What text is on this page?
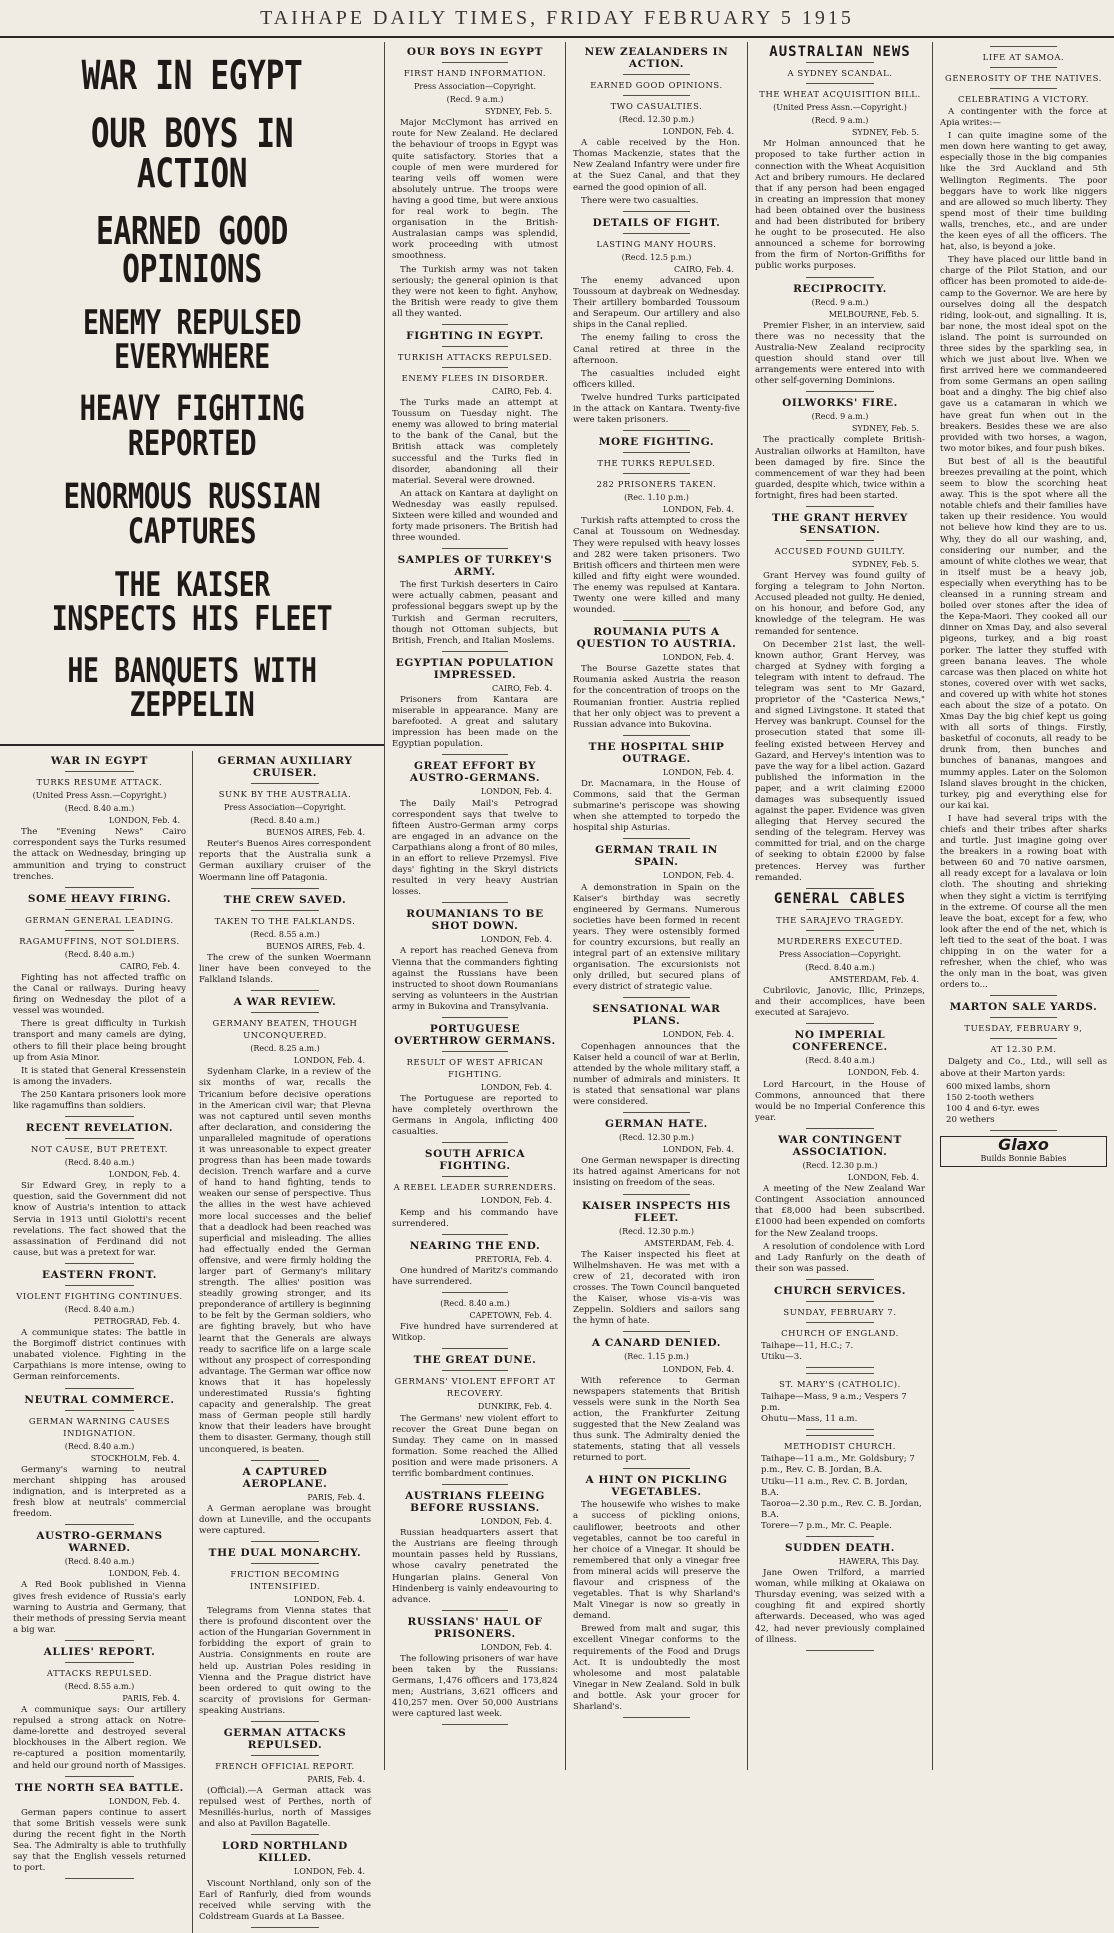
TAIHAPE DAILY TIMES, FRIDAY FEBRUARY 5 1915
WAR IN EGYPT
OUR BOYS IN ACTION
EARNED GOOD OPINIONS
ENEMY REPULSED EVERYWHERE
HEAVY FIGHTING REPORTED
ENORMOUS RUSSIAN CAPTURES
THE KAISER INSPECTS HIS FLEET
HE BANQUETS WITH ZEPPELIN
WAR IN EGYPT
TURKS RESUME ATTACK.
(United Press Assn.—Copyright.)
(Recd. 8.40 a.m.)
LONDON, Feb. 4.

The "Evening News" Cairo correspondent says the Turks resumed the attack on Wednesday, bringing up ammunition and trying to construct trenches.

SOME HEAVY FIRING.
GERMAN GENERAL LEADING.
RAGAMUFFINS, NOT SOLDIERS.
(Recd. 8.40 a.m.)
CAIRO, Feb. 4.

Fighting has not affected traffic on the Canal or railways. During heavy firing on Wednesday the pilot of a vessel was wounded.

There is great difficulty in Turkish transport and many camels are dying, others to fill their place being brought up from Asia Minor.

It is stated that General Kressenstein is among the invaders.

The 250 Kantara prisoners look more like ragamuffins than soldiers.

RECENT REVELATION.
NOT CAUSE, BUT PRETEXT.
(Recd. 8.40 a.m.)
LONDON, Feb. 4.

Sir Edward Grey, in reply to a question, said the Government did not know of Austria's intention to attack Servia in 1913 until Giolotti's recent revelations. The fact showed that the assassination of Ferdinand did not cause, but was a pretext for war.

EASTERN FRONT.
VIOLENT FIGHTING CONTINUES.
(Recd. 8.40 a.m.)
PETROGRAD, Feb. 4.

A communique states: The battle in the Borgimoff district continues with unabated violence. Fighting in the Carpathians is more intense, owing to German reinforcements.

NEUTRAL COMMERCE.
GERMAN WARNING CAUSES INDIGNATION.
(Recd. 8.40 a.m.)
STOCKHOLM, Feb. 4.

Germany's warning to neutral merchant shipping has aroused indignation, and is interpreted as a fresh blow at neutrals' commercial freedom.

AUSTRO-GERMANS WARNED.
(Recd. 8.40 a.m.)
LONDON, Feb. 4.

A Red Book published in Vienna gives fresh evidence of Russia's early warning to Austria and Germany, that their methods of pressing Servia meant a big war.

ALLIES' REPORT.
ATTACKS REPULSED.
(Recd. 8.55 a.m.)
PARIS, Feb. 4.

A communique says: Our artillery repulsed a strong attack on Notre-dame-lorette and destroyed several blockhouses in the Albert region. We re-captured a position momentarily, and held our ground north of Massiges.

THE NORTH SEA BATTLE.
LONDON, Feb. 4.

German papers continue to assert that some British vessels were sunk during the recent fight in the North Sea. The Admiralty is able to truthfully say that the English vessels returned to port.

GERMAN AUXILIARY CRUISER.
SUNK BY THE AUSTRALIA.
Press Association—Copyright.
(Recd. 8.40 a.m.)
BUENOS AIRES, Feb. 4.

Reuter's Buenos Aires correspondent reports that the Australia sunk a German auxiliary cruiser of the Woermann line off Patagonia.

THE CREW SAVED.
TAKEN TO THE FALKLANDS.
(Recd. 8.55 a.m.)
BUENOS AIRES, Feb. 4.

The crew of the sunken Woermann liner have been conveyed to the Falkland Islands.

A WAR REVIEW.
GERMANY BEATEN, THOUGH UNCONQUERED.
(Recd. 8.25 a.m.)
LONDON, Feb. 4.

Sydenham Clarke, in a review of the six months of war, recalls the Tricanium before decisive operations in the American civil war; that Plevna was not captured until seven months after declaration, and considering the unparalleled magnitude of operations it was unreasonable to expect greater progress than has been made towards decision. Trench warfare and a curve of hand to hand fighting, tends to weaken our sense of perspective. Thus the allies in the west have achieved more local successes and the belief that a deadlock had been reached was superficial and misleading. The allies had effectually ended the German offensive, and were firmly holding the larger part of Germany's military strength. The allies' position was steadily growing stronger, and its preponderance of artillery is beginning to be felt by the German soldiers, who are fighting bravely, but who have learnt that the Generals are always ready to sacrifice life on a large scale without any prospect of corresponding advantage. The German war office now knows that it has hopelessly underestimated Russia's fighting capacity and generalship. The great mass of German people still hardly know that their leaders have brought them to disaster. Germany, though still unconquered, is beaten.

A CAPTURED AEROPLANE.
PARIS, Feb. 4.

A German aeroplane was brought down at Luneville, and the occupants were captured.

THE DUAL MONARCHY.
FRICTION BECOMING INTENSIFIED.
LONDON, Feb. 4.

Telegrams from Vienna states that there is profound discontent over the action of the Hungarian Government in forbidding the export of grain to Austria. Consignments en route are held up. Austrian Poles residing in Vienna and the Prague district have been ordered to quit owing to the scarcity of provisions for German-speaking Austrians.

GERMAN ATTACKS REPULSED.
FRENCH OFFICIAL REPORT.
PARIS, Feb. 4.

(Official).—A German attack was repulsed west of Perthes, north of Mesnillés-hurlus, north of Massiges and also at Pavillon Bagatelle.

LORD NORTHLAND KILLED.
LONDON, Feb. 4.

Viscount Northland, only son of the Earl of Ranfurly, died from wounds received while serving with the Coldstream Guards at La Bassee.

OUR BOYS IN EGYPT
FIRST HAND INFORMATION.
Press Association—Copyright.
(Recd. 9 a.m.)
SYDNEY, Feb. 5.

Major McClymont has arrived en route for New Zealand. He declared the behaviour of troops in Egypt was quite satisfactory. Stories that a couple of men were murdered for tearing veils off women were absolutely untrue. The troops were having a good time, but were anxious for real work to begin. The organisation in the British-Australasian camps was splendid, work proceeding with utmost smoothness.

The Turkish army was not taken seriously; the general opinion is that they were not keen to fight. Anyhow, the British were ready to give them all they wanted.

FIGHTING IN EGYPT.
TURKISH ATTACKS REPULSED.
ENEMY FLEES IN DISORDER.
CAIRO, Feb. 4.

The Turks made an attempt at Toussum on Tuesday night. The enemy was allowed to bring material to the bank of the Canal, but the British attack was completely successful and the Turks fled in disorder, abandoning all their material. Several were drowned.

An attack on Kantara at daylight on Wednesday was easily repulsed. Sixteen were killed and wounded and forty made prisoners. The British had three wounded.

SAMPLES OF TURKEY'S ARMY.

The first Turkish deserters in Cairo were actually cabmen, peasant and professional beggars swept up by the Turkish and German recruiters, though not Ottoman subjects, but British, French, and Italian Moslems.

EGYPTIAN POPULATION IMPRESSED.
CAIRO, Feb. 4.

Prisoners from Kantara are miserable in appearance. Many are barefooted. A great and salutary impression has been made on the Egyptian population.

GREAT EFFORT BY AUSTRO-GERMANS.
LONDON, Feb. 4.

The Daily Mail's Petrograd correspondent says that twelve to fifteen Austro-German army corps are engaged in an advance on the Carpathians along a front of 80 miles, in an effort to relieve Przemysl. Five days' fighting in the Skryl districts resulted in very heavy Austrian losses.

ROUMANIANS TO BE SHOT DOWN.
LONDON, Feb. 4.

A report has reached Geneva from Vienna that the commanders fighting against the Russians have been instructed to shoot down Roumanians serving as volunteers in the Austrian army in Bukovina and Transylvania.

PORTUGUESE OVERTHROW GERMANS.
RESULT OF WEST AFRICAN FIGHTING.
LONDON, Feb. 4.

The Portuguese are reported to have completely overthrown the Germans in Angola, inflicting 400 casualties.

SOUTH AFRICA FIGHTING.
A REBEL LEADER SURRENDERS.
LONDON, Feb. 4.

Kemp and his commando have surrendered.

NEARING THE END.
PRETORIA, Feb. 4.

One hundred of Maritz's commando have surrendered.

(Recd. 8.40 a.m.)
CAPETOWN, Feb. 4.

Five hundred have surrendered at Witkop.

THE GREAT DUNE.
GERMANS' VIOLENT EFFORT AT RECOVERY.
DUNKIRK, Feb. 4.

The Germans' new violent effort to recover the Great Dune began on Sunday. They came on in massed formation. Some reached the Allied position and were made prisoners. A terrific bombardment continues.

AUSTRIANS FLEEING BEFORE RUSSIANS.
LONDON, Feb. 4.

Russian headquarters assert that the Austrians are fleeing through mountain passes held by Russians, whose cavalry penetrated the Hungarian plains. General Von Hindenberg is vainly endeavouring to advance.

RUSSIANS' HAUL OF PRISONERS.
LONDON, Feb. 4.

The following prisoners of war have been taken by the Russians: Germans, 1,476 officers and 173,824 men; Austrians, 3,621 officers and 410,257 men. Over 50,000 Austrians were captured last week.

NEW ZEALANDERS IN ACTION.
EARNED GOOD OPINIONS.
TWO CASUALTIES.
(Recd. 12.30 p.m.)
LONDON, Feb. 4.

A cable received by the Hon. Thomas Mackenzie, states that the New Zealand Infantry were under fire at the Suez Canal, and that they earned the good opinion of all.

There were two casualties.

DETAILS OF FIGHT.
LASTING MANY HOURS.
(Recd. 12.5 p.m.)
CAIRO, Feb. 4.

The enemy advanced upon Toussoum at daybreak on Wednesday. Their artillery bombarded Toussoum and Serapeum. Our artillery and also ships in the Canal replied.

The enemy failing to cross the Canal retired at three in the afternoon.

The casualties included eight officers killed.

Twelve hundred Turks participated in the attack on Kantara. Twenty-five were taken prisoners.

MORE FIGHTING.
THE TURKS REPULSED.
282 PRISONERS TAKEN.
(Rec. 1.10 p.m.)
LONDON, Feb. 4.

Turkish rafts attempted to cross the Canal at Toussoum on Wednesday. They were repulsed with heavy losses and 282 were taken prisoners. Two British officers and thirteen men were killed and fifty eight were wounded. The enemy was repulsed at Kantara. Twenty one were killed and many wounded.

ROUMANIA PUTS A QUESTION TO AUSTRIA.
LONDON, Feb. 4.

The Bourse Gazette states that Roumania asked Austria the reason for the concentration of troops on the Roumanian frontier. Austria replied that her only object was to prevent a Russian advance into Bukovina.

THE HOSPITAL SHIP OUTRAGE.
LONDON, Feb. 4.

Dr. Macnamara, in the House of Commons, said that the German submarine's periscope was showing when she attempted to torpedo the hospital ship Asturias.

GERMAN TRAIL IN SPAIN.
LONDON, Feb. 4.

A demonstration in Spain on the Kaiser's birthday was secretly engineered by Germans. Numerous societies have been formed in recent years. They were ostensibly formed for country excursions, but really an integral part of an extensive military organisation. The excursionists not only drilled, but secured plans of every district of strategic value.

SENSATIONAL WAR PLANS.
LONDON, Feb. 4.

Copenhagen announces that the Kaiser held a council of war at Berlin, attended by the whole military staff, a number of admirals and ministers. It is stated that sensational war plans were considered.

GERMAN HATE.
(Recd. 12.30 p.m.)
LONDON, Feb. 4.

One German newspaper is directing its hatred against Americans for not insisting on freedom of the seas.

KAISER INSPECTS HIS FLEET.
(Recd. 12.30 p.m.)
AMSTERDAM, Feb. 4.

The Kaiser inspected his fleet at Wilhelmshaven. He was met with a crew of 21, decorated with iron crosses. The Town Council banqueted the Kaiser, whose vis-a-vis was Zeppelin. Soldiers and sailors sang the hymn of hate.

A CANARD DENIED.
(Rec. 1.15 p.m.)
LONDON, Feb. 4.

With reference to German newspapers statements that British vessels were sunk in the North Sea action, the Frankfurter Zeitung suggested that the New Zealand was thus sunk. The Admiralty denied the statements, stating that all vessels returned to port.

A HINT ON PICKLING VEGETABLES.

The housewife who wishes to make a success of pickling onions, cauliflower, beetroots and other vegetables, cannot be too careful in her choice of a Vinegar. It should be remembered that only a vinegar free from mineral acids will preserve the flavour and crispness of the vegetables. That is why Sharland's Malt Vinegar is now so greatly in demand.

Brewed from malt and sugar, this excellent Vinegar conforms to the requirements of the Food and Drugs Act. It is undoubtedly the most wholesome and most palatable Vinegar in New Zealand. Sold in bulk and bottle. Ask your grocer for Sharland's.

AUSTRALIAN NEWS
A SYDNEY SCANDAL.
THE WHEAT ACQUISITION BILL.
(United Press Assn.—Copyright.)
(Recd. 9 a.m.)
SYDNEY, Feb. 5.

Mr Holman announced that he proposed to take further action in connection with the Wheat Acquisition Act and bribery rumours. He declared that if any person had been engaged in creating an impression that money had been obtained over the business and had been distributed for bribery he ought to be prosecuted. He also announced a scheme for borrowing from the firm of Norton-Griffiths for public works purposes.

RECIPROCITY.
(Recd. 9 a.m.)
MELBOURNE, Feb. 5.

Premier Fisher, in an interview, said there was no necessity that the Australia-New Zealand reciprocity question should stand over till arrangements were entered into with other self-governing Dominions.

OILWORKS' FIRE.
(Recd. 9 a.m.)
SYDNEY, Feb. 5.

The practically complete British-Australian oilworks at Hamilton, have been damaged by fire. Since the commencement of war they had been guarded, despite which, twice within a fortnight, fires had been started.

THE GRANT HERVEY SENSATION.
ACCUSED FOUND GUILTY.
SYDNEY, Feb. 5.

Grant Hervey was found guilty of forging a telegram to John Norton. Accused pleaded not guilty. He denied, on his honour, and before God, any knowledge of the telegram. He was remanded for sentence.

On December 21st last, the well-known author, Grant Hervey, was charged at Sydney with forging a telegram with intent to defraud. The telegram was sent to Mr Gazard, proprietor of the "Casterica News," and signed Livingstone. It stated that Hervey was bankrupt. Counsel for the prosecution stated that some ill-feeling existed between Hervey and Gazard, and Hervey's intention was to pave the way for a libel action. Gazard published the information in the paper, and a writ claiming £2000 damages was subsequently issued against the paper. Evidence was given alleging that Hervey secured the sending of the telegram. Hervey was committed for trial, and on the charge of seeking to obtain £2000 by false pretences. Hervey was further remanded.

GENERAL CABLES
THE SARAJEVO TRAGEDY.
MURDERERS EXECUTED.
Press Association—Copyright.
(Recd. 8.40 a.m.)
AMSTERDAM, Feb. 4.

Cubrilovic, Janovic, Illic, Prinzeps, and their accomplices, have been executed at Sarajevo.

NO IMPERIAL CONFERENCE.
(Recd. 8.40 a.m.)
LONDON, Feb. 4.

Lord Harcourt, in the House of Commons, announced that there would be no Imperial Conference this year.

WAR CONTINGENT ASSOCIATION.
(Recd. 12.30 p.m.)
LONDON, Feb. 4.

A meeting of the New Zealand War Contingent Association announced that £8,000 had been subscribed. £1000 had been expended on comforts for the New Zealand troops.

A resolution of condolence with Lord and Lady Ranfurly on the death of their son was passed.

CHURCH SERVICES.
SUNDAY, FEBRUARY 7.
CHURCH OF ENGLAND.
Taihape—11, H.C.; 7.
Utiku—3.
ST. MARY'S (CATHOLIC).
Taihape—Mass, 9 a.m.; Vespers 7 p.m.
Ohutu—Mass, 11 a.m.
METHODIST CHURCH.
Taihape—11 a.m., Mr. Goldsbury; 7 p.m., Rev. C. B. Jordan, B.A.
Utiku—11 a.m., Rev. C. B. Jordan, B.A.
Taoroa—2.30 p.m., Rev. C. B. Jordan, B.A.
Torere—7 p.m., Mr. C. Peaple.
SUDDEN DEATH.
HAWERA, This Day.

Jane Owen Trilford, a married woman, while milking at Okaiawa on Thursday evening, was seized with a coughing fit and expired shortly afterwards. Deceased, who was aged 42, had never previously complained of illness.

LIFE AT SAMOA.
GENEROSITY OF THE NATIVES.
CELEBRATING A VICTORY.

A contingenter with the force at Apia writes:—

I can quite imagine some of the men down here wanting to get away, especially those in the big companies like the 3rd Auckland and 5th Wellington Regiments. The poor beggars have to work like niggers and are allowed so much liberty. They spend most of their time building walls, trenches, etc., and are under the keen eyes of all the officers. The hat, also, is beyond a joke.

They have placed our little band in charge of the Pilot Station, and our officer has been promoted to aide-de-camp to the Governor. We are here by ourselves doing all the despatch riding, look-out, and signalling. It is, bar none, the most ideal spot on the island. The point is surrounded on three sides by the sparkling sea, in which we just about live. When we first arrived here we commandeered from some Germans an open sailing boat and a dinghy. The big chief also gave us a catamaran in which we have great fun when out in the breakers. Besides these we are also provided with two horses, a wagon, two motor bikes, and four push bikes.

But best of all is the beautiful breezes prevailing at the point, which seem to blow the scorching heat away. This is the spot where all the notable chiefs and their families have taken up their residence. You would not believe how kind they are to us. Why, they do all our washing, and, considering our number, and the amount of white clothes we wear, that in itself must be a heavy job, especially when everything has to be cleansed in a running stream and boiled over stones after the idea of the Kepa-Maori. They cooked all our dinner on Xmas Day, and also several pigeons, turkey, and a big roast porker. The latter they stuffed with green banana leaves. The whole carcase was then placed on white hot stones, covered over with wet sacks, and covered up with white hot stones each about the size of a potato. On Xmas Day the big chief kept us going with all sorts of things. Firstly, basketful of coconuts, all ready to be drunk from, then bunches and bunches of bananas, mangoes and mummy apples. Later on the Solomon Island slaves brought in the chicken, turkey, pig and everything else for our kai kai.

I have had several trips with the chiefs and their tribes after sharks and turtle. Just imagine going over the breakers in a rowing boat with between 60 and 70 native oarsmen, all ready except for a lavalava or loin cloth. The shouting and shrieking when they sight a victim is terrifying in the extreme. Of course all the men leave the boat, except for a few, who look after the end of the net, which is left tied to the seat of the boat. I was chipping in on the water for a refresher, when the chief, who was the only man in the boat, was given orders to...

MARTON SALE YARDS.
TUESDAY, FEBRUARY 9,
AT 12.30 P.M.

Dalgety and Co., Ltd., will sell as above at their Marton yards:

600 mixed lambs, shorn
150 2-tooth wethers
100 4 and 6-tyr. ewes
20 wethers
Glaxo
Builds Bonnie Babies
